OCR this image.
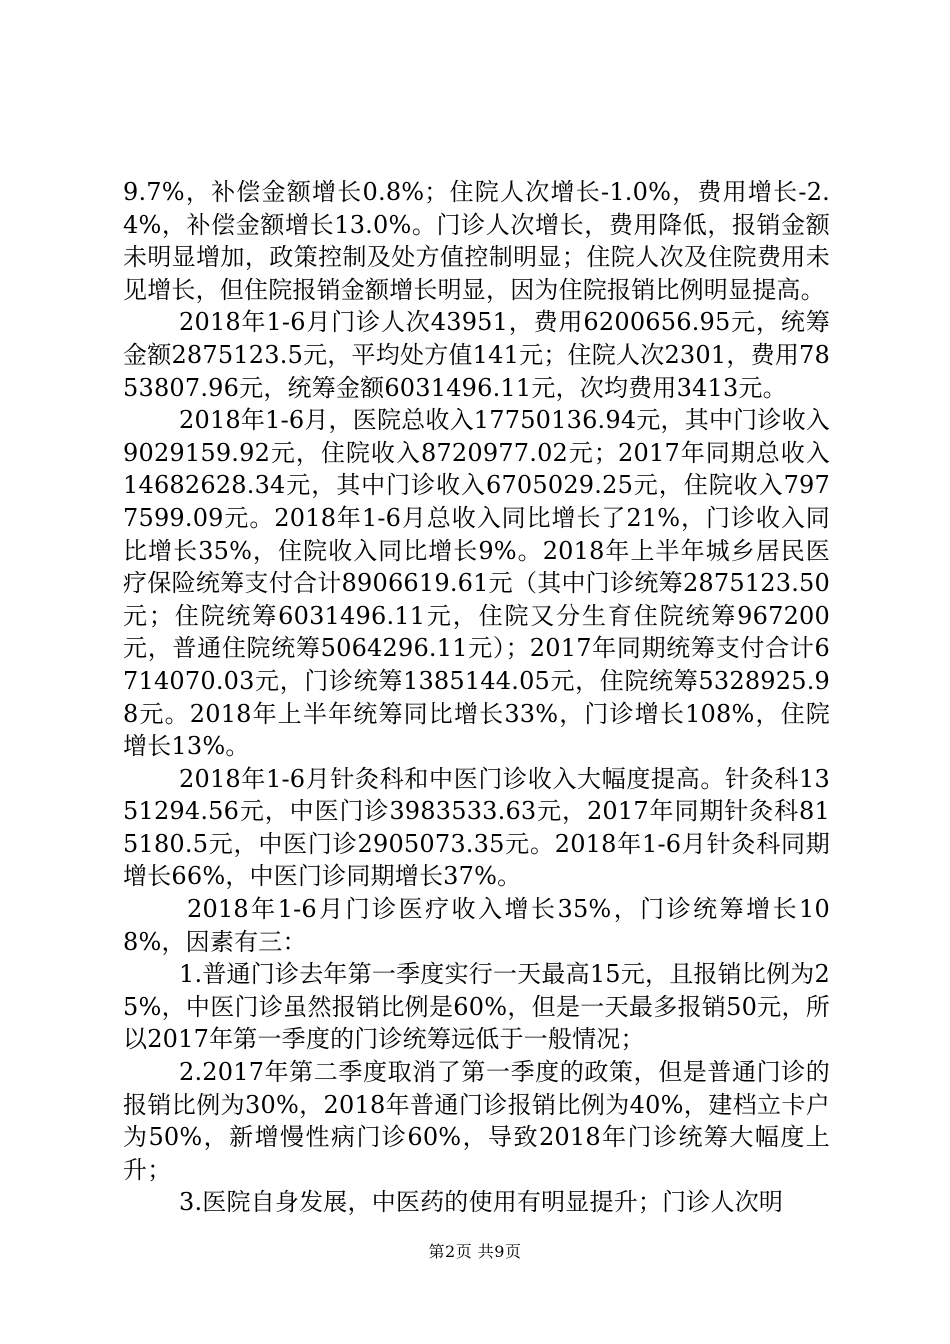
9.7%，补偿金额增长0.8%；住院人次增长-1.0%，费用增长-2.4%，补偿金额增长13.0%。门诊人次增长，费用降低，报销金额未明显增加，政策控制及处方值控制明显；住院人次及住院费用未见增长，但住院报销金额增长明显，因为住院报销比例明显提高。

2018年1-6月门诊人次43951，费用6200656.95元，统筹金额2875123.5元，平均处方值141元；住院人次2301，费用7853807.96元，统筹金额6031496.11元，次均费用3413元。

2018年1-6月，医院总收入17750136.94元，其中门诊收入9029159.92元，住院收入8720977.02元；2017年同期总收入14682628.34元，其中门诊收入6705029.25元，住院收入7977599.09元。2018年1-6月总收入同比增长了21%，门诊收入同比增长35%，住院收入同比增长9%。2018年上半年城乡居民医疗保险统筹支付合计8906619.61元（其中门诊统筹2875123.50元；住院统筹6031496.11元，住院又分生育住院统筹967200元，普通住院统筹5064296.11元）；2017年同期统筹支付合计6714070.03元，门诊统筹1385144.05元，住院统筹5328925.98元。2018年上半年统筹同比增长33%，门诊增长108%，住院增长13%。

2018年1-6月针灸科和中医门诊收入大幅度提高。针灸科1351294.56元，中医门诊3983533.63元，2017年同期针灸科815180.5元，中医门诊2905073.35元。2018年1-6月针灸科同期增长66%，中医门诊同期增长37%。

2018年1-6月门诊医疗收入增长35%，门诊统筹增长108%，因素有三：

1.普通门诊去年第一季度实行一天最高15元，且报销比例为25%，中医门诊虽然报销比例是60%，但是一天最多报销50元，所以2017年第一季度的门诊统筹远低于一般情况；

2.2017年第二季度取消了第一季度的政策，但是普通门诊的报销比例为30%，2018年普通门诊报销比例为40%，建档立卡户为50%，新增慢性病门诊60%，导致2018年门诊统筹大幅度上升；

3.医院自身发展，中医药的使用有明显提升；门诊人次明

第2页 共9页
